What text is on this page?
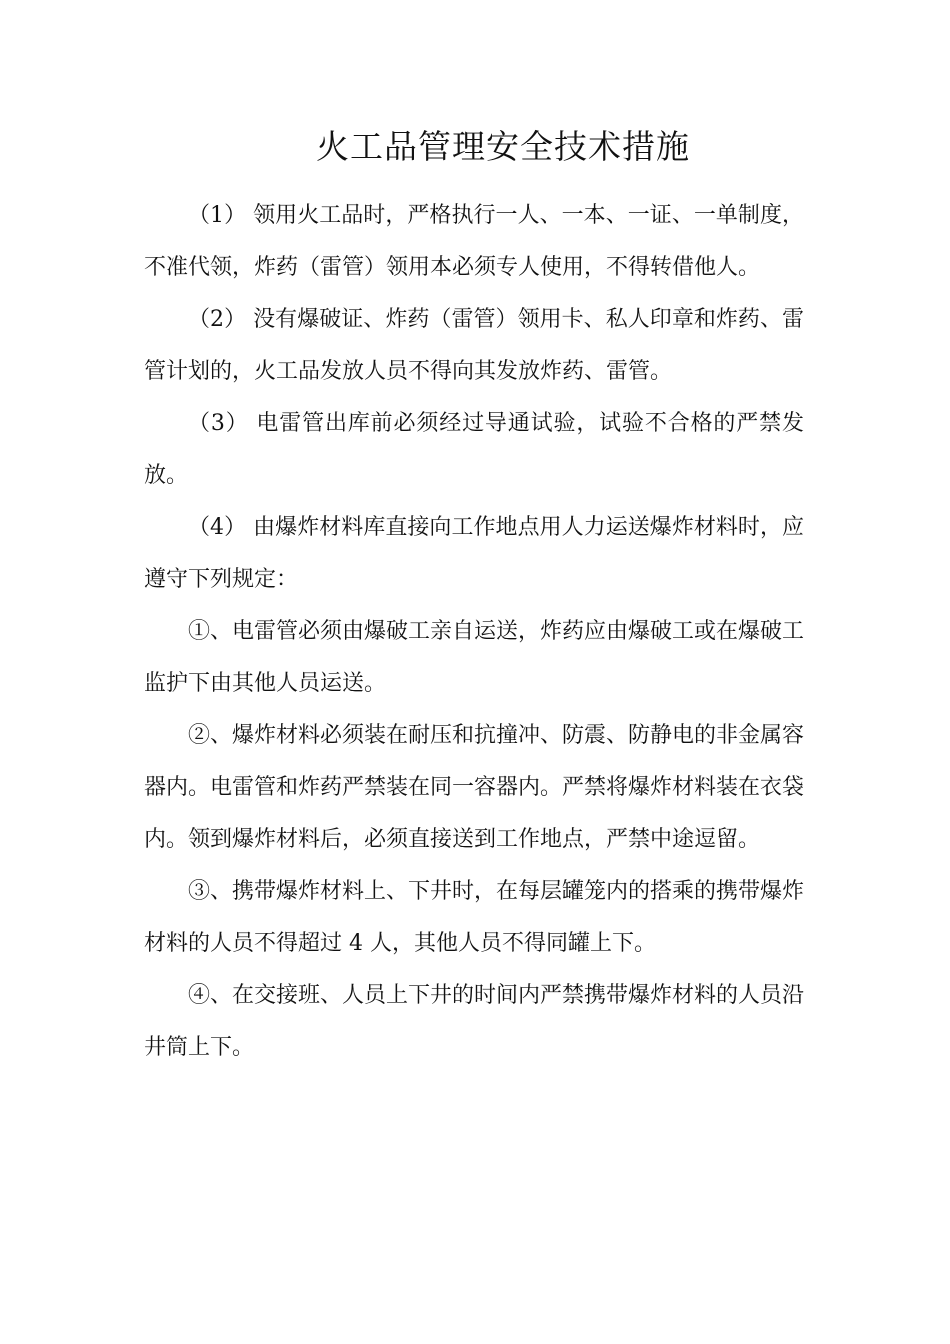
火工品管理安全技术措施

（1） 领用火工品时，严格执行一人、一本、一证、一单制度，不准代领，炸药（雷管）领用本必须专人使用，不得转借他人。

（2） 没有爆破证、炸药（雷管）领用卡、私人印章和炸药、雷管计划的，火工品发放人员不得向其发放炸药、雷管。

（3） 电雷管出库前必须经过导通试验，试验不合格的严禁发放。

（4） 由爆炸材料库直接向工作地点用人力运送爆炸材料时，应遵守下列规定：

①、电雷管必须由爆破工亲自运送，炸药应由爆破工或在爆破工监护下由其他人员运送。

②、爆炸材料必须装在耐压和抗撞冲、防震、防静电的非金属容器内。电雷管和炸药严禁装在同一容器内。严禁将爆炸材料装在衣袋内。领到爆炸材料后，必须直接送到工作地点，严禁中途逗留。

③、携带爆炸材料上、下井时，在每层罐笼内的搭乘的携带爆炸材料的人员不得超过 4 人，其他人员不得同罐上下。

④、在交接班、人员上下井的时间内严禁携带爆炸材料的人员沿井筒上下。
